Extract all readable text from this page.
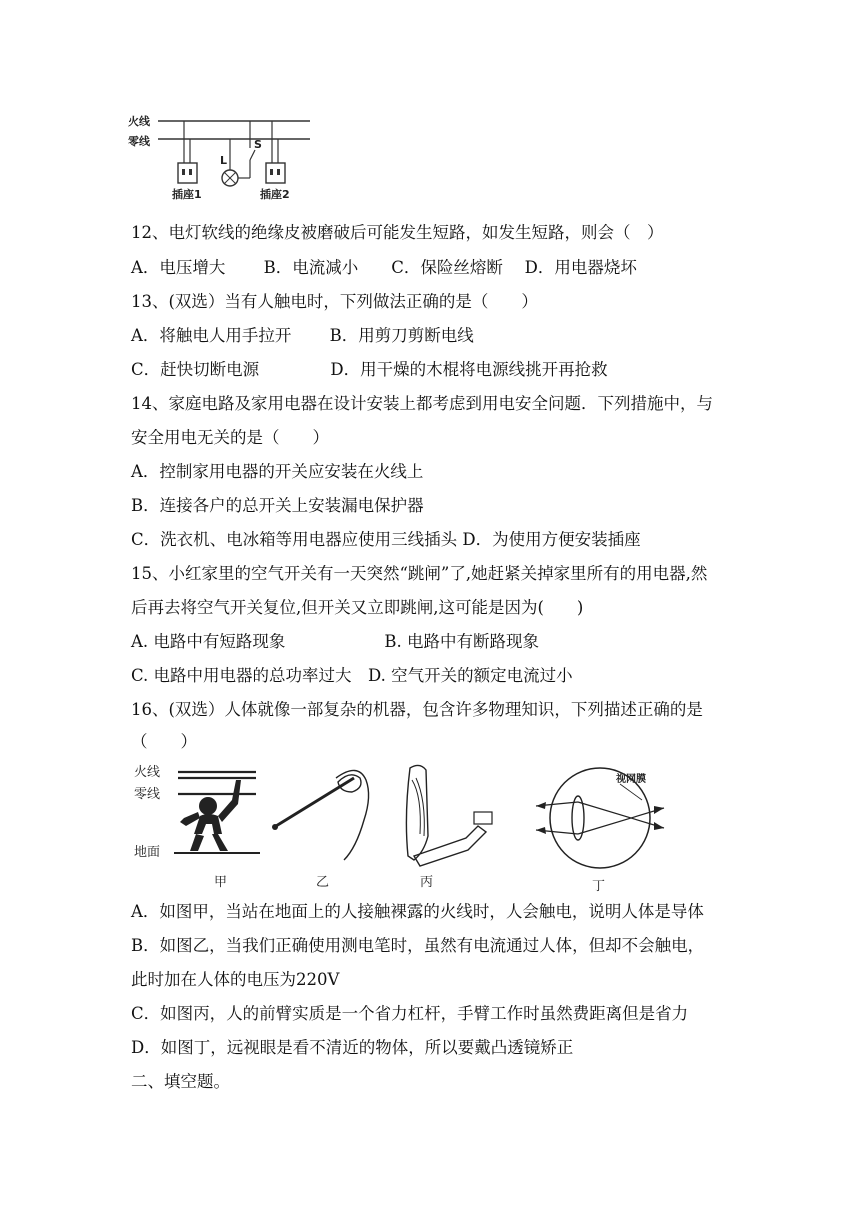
火线
零线
插座1
L
S
插座2
12、电灯软线的绝缘皮被磨破后可能发生短路，如发生短路，则会（　）
A．电压增大　　 B．电流减小　　C．保险丝熔断　 D．用电器烧坏
13、(双选）当有人触电时，下列做法正确的是（　　）
A．将触电人用手拉开　　 B．用剪刀剪断电线
C．赶快切断电源　　　　 D．用干燥的木棍将电源线挑开再抢救
14、家庭电路及家用电器在设计安装上都考虑到用电安全问题．下列措施中，与
安全用电无关的是（　　）
A．控制家用电器的开关应安装在火线上
B．连接各户的总开关上安装漏电保护器
C．洗衣机、电冰箱等用电器应使用三线插头 D．为使用方便安装插座
15、小红家里的空气开关有一天突然“跳闸”了,她赶紧关掉家里所有的用电器,然
后再去将空气开关复位,但开关又立即跳闸,这可能是因为(　　)
A. 电路中有短路现象　　　　　　B. 电路中有断路现象
C. 电路中用电器的总功率过大　D. 空气开关的额定电流过小
16、(双选）人体就像一部复杂的机器，包含许多物理知识，下列描述正确的是
（　　）
火线
零线
地面
甲	乙	丙
视网膜
丁
A．如图甲，当站在地面上的人接触裸露的火线时，人会触电，说明人体是导体
B．如图乙，当我们正确使用测电笔时，虽然有电流通过人体，但却不会触电，
此时加在人体的电压为220V
C．如图丙，人的前臂实质是一个省力杠杆，手臂工作时虽然费距离但是省力
D．如图丁，远视眼是看不清近的物体，所以要戴凸透镜矫正
二、填空题。
